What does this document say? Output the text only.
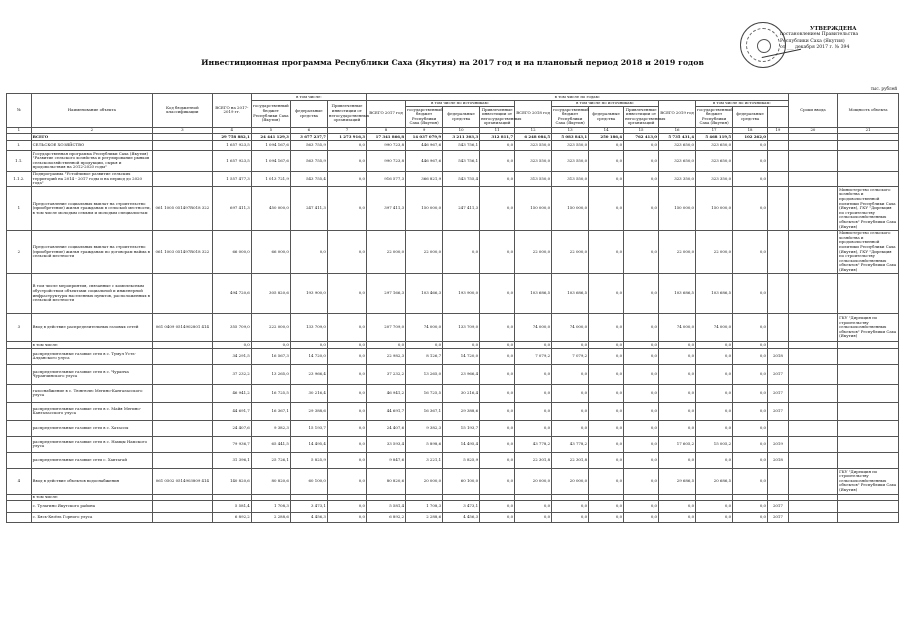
УТВЕРЖДЕНА
постановлением Правительства
Республики Саха (Якутия)
от ___ декабря 2017 г. № 394
Инвестиционная программа Республики Саха (Якутия) на 2017 год и на плановый период 2018 и 2019 годов
тыс. рублей
№	Наименование объекта	Код бюджетной классификации	ВСЕГО на 2017-2019 гг.	в том числе:			в том числе по годам:												Сроки ввода	Мощность объекта
				государственный бюджет Республики Саха (Якутия)	федеральные средства	Привлеченные инвестиции от негосударственных организаций	ВСЕГО 2017 год	в том числе по источникам:			ВСЕГО 2018 год	в том числе по источникам:			ВСЕГО 2019 год	в том числе по источникам:				
								государственный бюджет Республики Саха (Якутия)	федеральные средства	Привлеченные инвестиции от негосударственных организаций		государственный бюджет Республики Саха (Якутия)	федеральные средства	Привлеченные инвестиции от негосударственных организаций		государственный бюджет Республики Саха (Якутия)	федеральные средства			
1	2	3	4	5	6	7	8	9	10	11	12	13	14	15	16	17	18	19	20	21
	ВСЕГО		29 758 882,1	24 441 129,3	3 677 237,7	1 273 916,3	17 341 866,8	14 037 079,9	3 211 303,3	312 811,7	6 248 084,5	5 083 843,1	250 186,4	762 413,0	5 735 431,4	5 468 119,5	102 262,0			
I.	СЕЛЬСКОЕ ХОЗЯЙСТВО		1 657 923,5	1 094 167,6	563 755,9	0,0	990 723,8	446 967,6	543 756,1	0,0	323 550,0	323 550,0	0,0	0,0	323 650,0	323 650,0	0,0			
1.1.	Государственная программа Республики Саха (Якутия) "Развитие сельского хозяйства и регулирование рынков сельскохозяйственной продукции, сырья и продовольствия на 2012-2020 годы"		1 657 923,5	1 094 167,6	563 755,9	0,0	990 723,8	446 967,6	543 756,1	0,0	323 550,0	323 550,0	0,0	0,0	323 650,0	323 650,0	0,0			
1.1.2.	Подпрограмма "Устойчивое развитие сельских территорий на 2014 - 2017 годы и на период до 2020 года"		1 557 477,3	1 013 721,9	543 755,4	0,0	916 577,3	366 821,9	543 755,4	0,0	313 550,0	313 550,0	0,0	0,0	323 350,0	323 350,0	0,0			
1	Предоставление социальных выплат на строительство (приобретение) жилья гражданам в сельской местности, в том числе молодым семьям и молодым специалистам	061 1005 051497R018 322	697 411,3	450 000,0	247 411,3	0,0	397 411,3	150 000,0	247 411,3	0,0	150 000,0	150 000,0	0,0	0,0	150 000,0	150 000,0	0,0			Министерство сельского хозяйства и продовольственной политики Республики Саха (Якутия), ГКУ "Дирекция по строительству сельскохозяйственных объектов" Республики Саха (Якутия)
2	Предоставление социальных выплат на строительство (приобретение) жилья гражданам по договорам найма в сельской местности	061 1003 051497R018 322	66 000,0	66 000,0	0,0	0,0	22 000,0	22 000,0	0,0	0,0	22 000,0	22 000,0	0,0	0,0	22 000,0	22 000,0	0,0			Министерство сельского хозяйства и продовольственной политики Республики Саха (Якутия), ГКУ "Дирекция по строительству сельскохозяйственных объектов" Республики Саха (Якутия)
	В том числе мероприятия, связанные с комплексным обустройством объектами социальной и инженерной инфраструктуры населенных пунктов, расположенных в сельской местности		494 720,6	305 820,6	193 900,0	0,0	297 166,3	103 466,3	193 900,0	0,0	103 686,5	103 686,5	0,0	0,0	103 686,5	103 686,5	0,0			
3	Ввод в действие распределительных газовых сетей	061 0409 0514902801 414	355 709,0	222 000,0	133 709,0	0,0	207 709,0	74 000,0	133 709,0	0,0	74 000,0	74 000,0	0,0	0,0	74 000,0	74 000,0	0,0			ГКУ "Дирекция по строительству сельскохозяйственных объектов" Республики Саха (Якутия)
	в том числе:		0,0	0,0	0,0	0,0	0,0	0,0	0,0	0,0	0,0	0,0	0,0	0,0	0,0	0,0	0,0			
	распределительные газовые сети в с. Тумул Усть-Алданского улуса		34 291,5	16 567,3	14 720,0	0,0	22 982,3	8 126,7	14 720,0	0,0	7 079,2	7 079,2	0,0	0,0	0,0	0,0	0,0	2018		
	распределительные газовые сети в с. Чурапча Чурапчинского улуса		37 232,2	13 265,0	23 966,4	0,0	37 232,2	13 265,0	23 966,4	0,0	0,0	0,0	0,0	0,0	0,0	0,0	0,0	2017		
	газоснабжение в с. Тюнгюлю Мегино-Кангаласского улуса		46 941,2	16 725,5	30 216,4	0,0	46 941,2	16 725,5	30 216,4	0,0	0,0	0,0	0,0	0,0	0,0	0,0	0,0	2017		
	распределительные газовые сети в с. Майя Мегино-Кангаласского улуса		44 691,7	16 367,1	29 388,6	0,0	44 691,7	16 367,1	29 388,6	0,0	0,0	0,0	0,0	0,0	0,0	0,0	0,0	2017		
	распределительные газовые сети в с. Хатассы		24 407,6	9 382,3	15 193,7	0,0	24 407,6	9 382,3	15 193,7	0,0	0,0	0,0	0,0	0,0	0,0	0,0	0,0			
	распределительные газовые сети в с. Намцы Намского улуса		79 936,7	65 441,5	14 495,4	0,0	33 593,4	5 898,6	14 495,4	0,0	43 778,2	43 778,2	0,0	0,0	17 605,2	15 005,2	0,0	2019		
	распределительные газовые сети с. Хаптагай		31 396,1	25 726,1	5 825,9	0,0	9 847,6	3 221,1	5 825,9	0,0	22 301,8	22 301,8	0,0	0,0	0,0	0,0	0,0	2018		
4	Ввод в действие объектов водоснабжения	061 0502 0514903809 414	140 820,6	80 820,6	60 100,0	0,0	80 820,6	20 000,0	60 100,0	0,0	20 000,0	20 000,0	0,0	0,0	29 686,5	20 686,5	0,0			ГКУ "Дирекция по строительству сельскохозяйственных объектов" Республики Саха (Якутия)
	в том числе:																			
	с. Тулагино Якутского района		5 581,4	1 708,3	3 473,1	0,0	5 581,4	1 708,3	3 473,1	0,0	0,0	0,0	0,0	0,0	0,0	0,0	0,0	2017		
	с. Бясь-Кюёль Горного улуса		6 892,2	2 288,6	4 456,3	0,0	6 892,2	2 288,6	4 456,3	0,0	0,0	0,0	0,0	0,0	0,0	0,0	0,0	2017		
